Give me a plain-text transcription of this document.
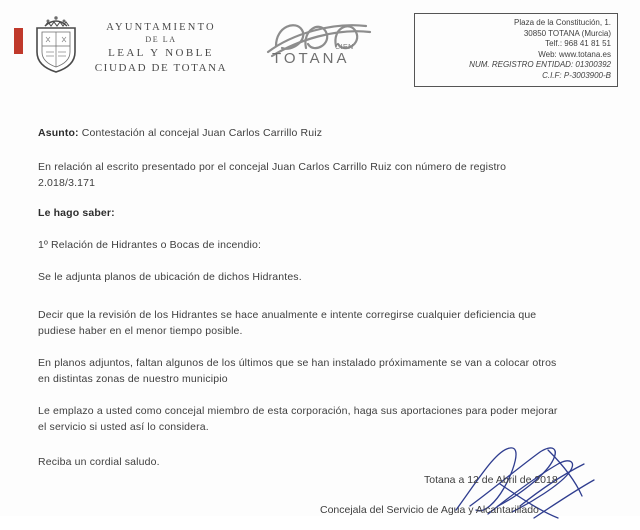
AYUNTAMIENTO
DE LA
LEAL Y NOBLE
CIUDAD DE TOTANA
TOTANA
CIEN
Plaza de la Constitución, 1.
30850 TOTANA (Murcia)
Telf.: 968 41 81 51
Web: www.totana.es
NUM. REGISTRO ENTIDAD: 01300392
C.I.F: P-3003900-B

Asunto: Contestación al concejal Juan Carlos Carrillo Ruiz

En relación al escrito presentado por el concejal Juan Carlos Carrillo Ruiz con número de registro 2.018/3.171

Le hago saber:

1º Relación de Hidrantes o Bocas de incendio:

Se le adjunta planos de ubicación de dichos Hidrantes.

Decir que la revisión de los Hidrantes se hace anualmente e intente corregirse cualquier deficiencia que pudiese haber en el menor tiempo posible.

En planos adjuntos, faltan algunos de los últimos que se han instalado próximamente se van a colocar otros en distintas zonas de nuestro municipio

Le emplazo a usted como concejal miembro de esta corporación, haga sus aportaciones para poder mejorar el servicio si usted así lo considera.

Reciba un cordial saludo.

Totana a 12 de Abril de 2018
Concejala del Servicio de Agua y Alcantarillado
